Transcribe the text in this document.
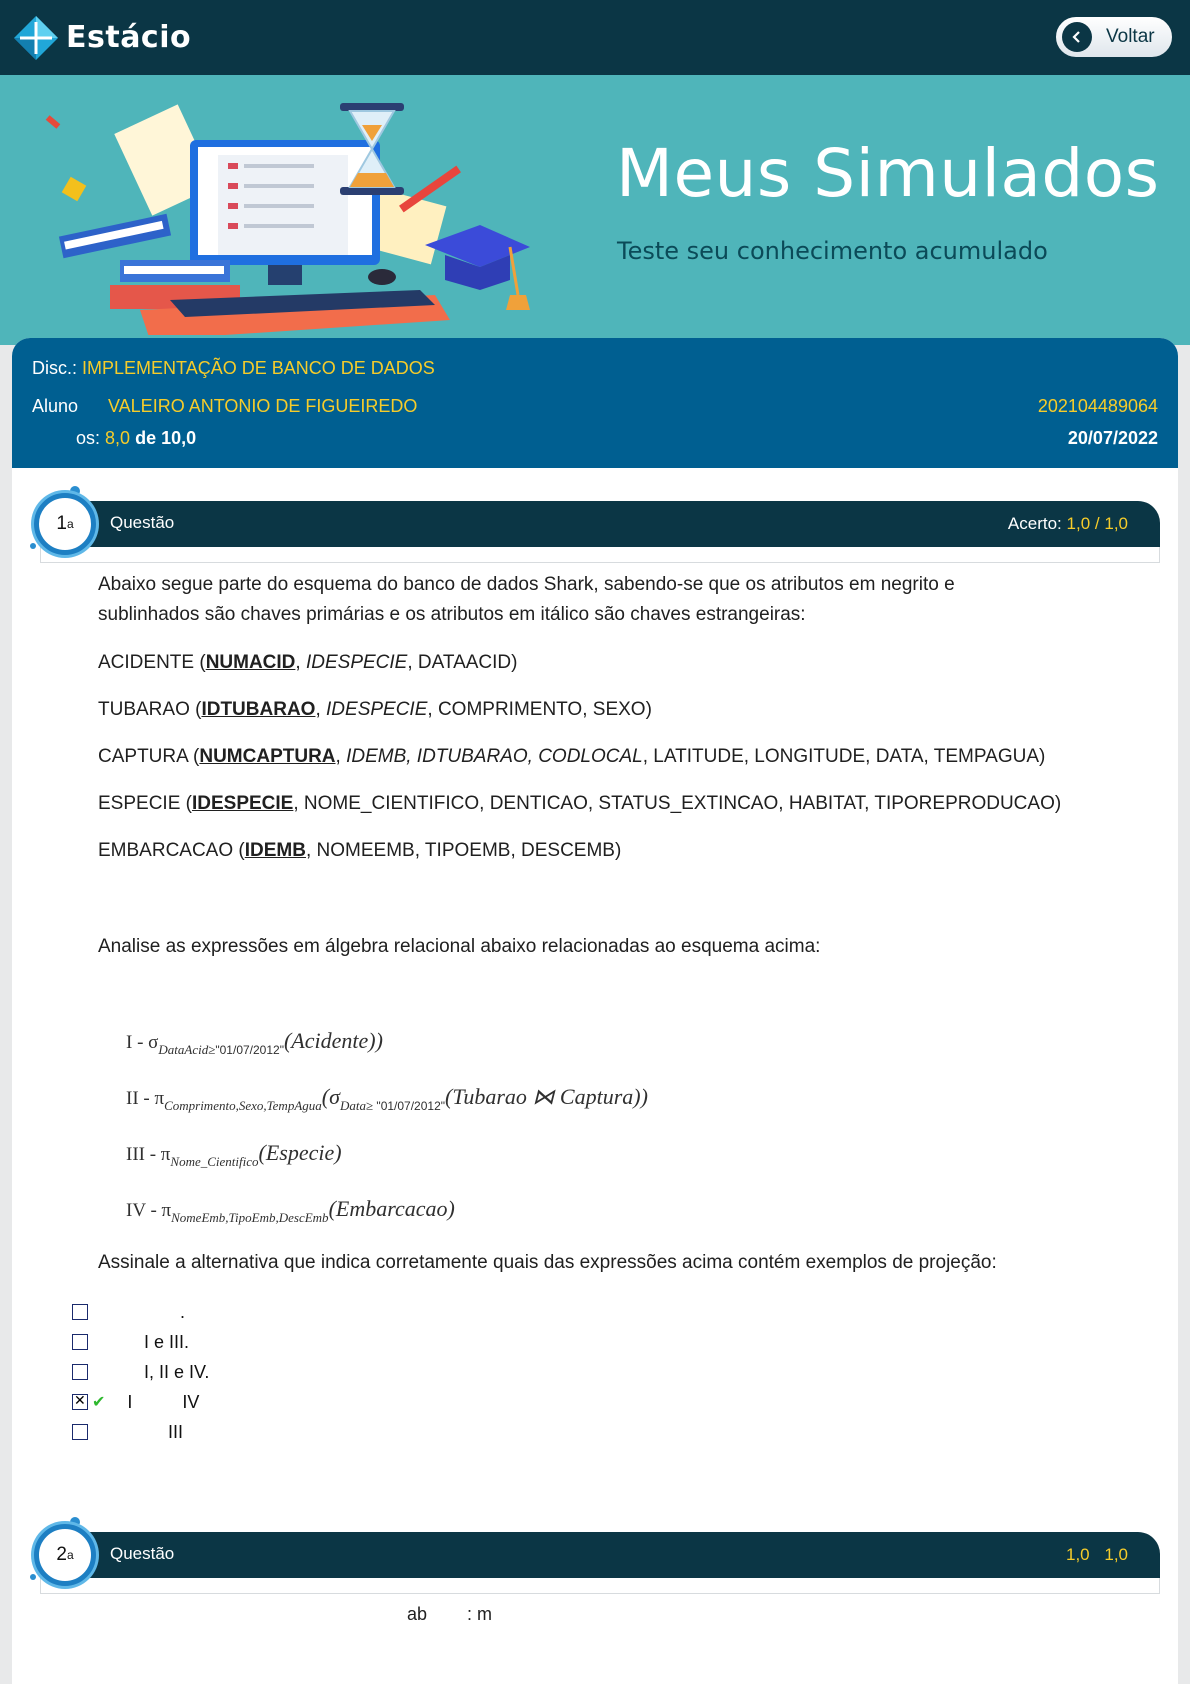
Estácio	Voltar
Meus Simulados
Teste seu conhecimento acumulado
Disc.: IMPLEMENTAÇÃO DE BANCO DE DADOS
Aluno VALEIRO ANTONIO DE FIGUEIREDO	202104489064
os: 8,0 de 10,0	20/07/2022
Questão	Acerto: 1,0 / 1,0
1 a
Abaixo segue parte do esquema do banco de dados Shark, sabendo-se que os atributos em negrito e sublinhados são chaves primárias e os atributos em itálico são chaves estrangeiras:
ACIDENTE (NUMACID, IDESPECIE, DATAACID)
TUBARAO (IDTUBARAO, IDESPECIE, COMPRIMENTO, SEXO)
CAPTURA (NUMCAPTURA, IDEMB, IDTUBARAO, CODLOCAL, LATITUDE, LONGITUDE, DATA, TEMPAGUA)
ESPECIE (IDESPECIE, NOME_CIENTIFICO, DENTICAO, STATUS_EXTINCAO, HABITAT, TIPOREPRODUCAO)
EMBARCACAO (IDEMB, NOMEEMB, TIPOEMB, DESCEMB)
Analise as expressões em álgebra relacional abaixo relacionadas ao esquema acima:
I - $\sigma_{DataAcid\ge"01/07/2012"}(Acidente)$)
II - $\pi_{Comprimento,Sexo,TempAgua}(\sigma_{Data\ge}$ $_{"01/07/2012"}$(Tubarao ⋈ Captura))
III - $\pi_{Nome\_Cientifico}(Especie)$
IV - $\pi_{NomeEmb,TipoEmb,DescEmb}(Embarcacao)$
Assinale a alternativa que indica corretamente quais das expressões acima contém exemplos de projeção:
.
I e III.
I, II e IV.
✕
✔ I          IV
III
Questão	1,0 1,0
2 a
ab        : m
